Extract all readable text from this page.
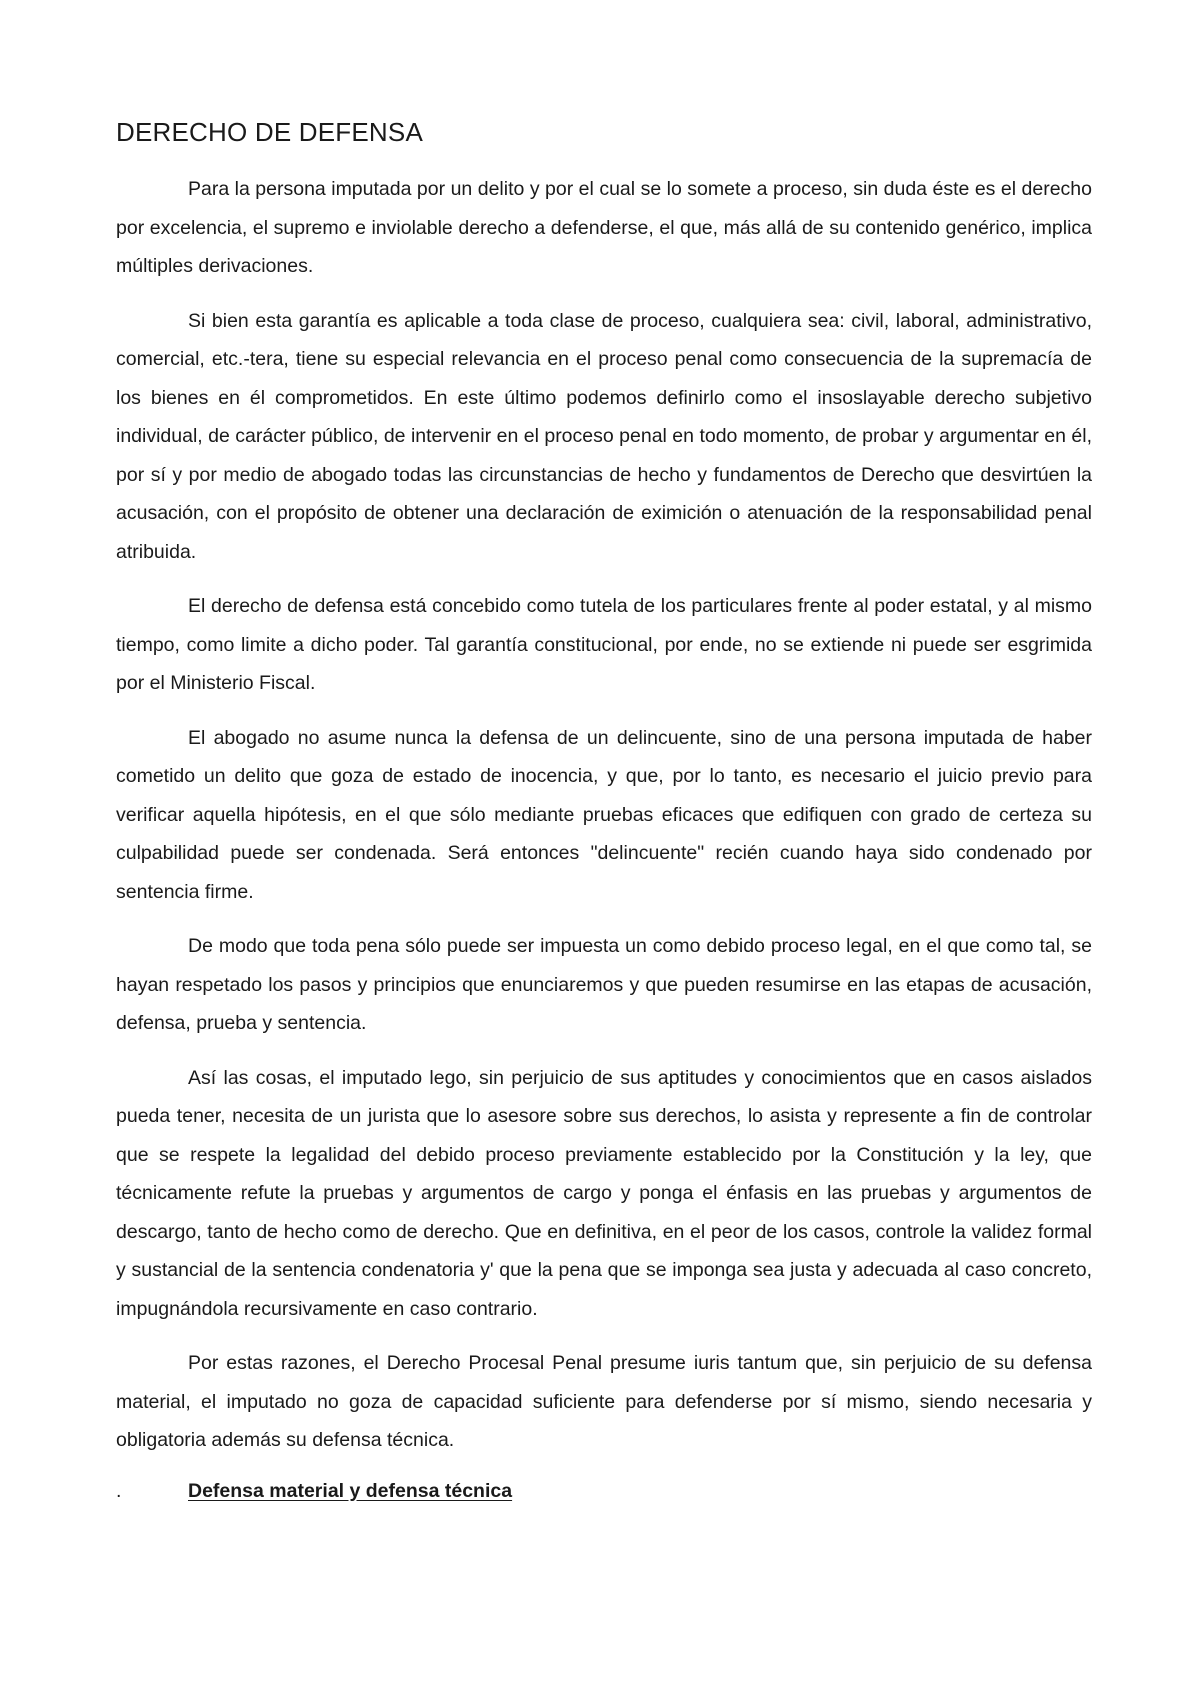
DERECHO DE DEFENSA

Para la persona imputada por un delito y por el cual se lo somete a proceso, sin duda éste es el derecho por excelencia, el supremo e inviolable derecho a defenderse, el que, más allá de su contenido genérico, implica múltiples derivaciones.

Si bien esta garantía es aplicable a toda clase de proceso, cualquiera sea: civil, laboral, administrativo, comercial, etc.-tera, tiene su especial relevancia en el proceso penal como consecuencia de la supremacía de los bienes en él comprometidos. En este último podemos definirlo como el insoslayable derecho subjetivo individual, de carácter público, de intervenir en el proceso penal en todo momento, de probar y argumentar en él, por sí y por medio de abogado todas las circunstancias de hecho y fundamentos de Derecho que desvirtúen la acusación, con el propósito de obtener una declaración de eximición o atenuación de la responsabilidad penal atribuida.

El derecho de defensa está concebido como tutela de los particulares frente al poder estatal, y al mismo tiempo, como limite a dicho poder. Tal garantía constitucional, por ende, no se extiende ni puede ser esgrimida por el Ministerio Fiscal.

El abogado no asume nunca la defensa de un delincuente, sino de una persona imputada de haber cometido un delito que goza de estado de inocencia, y que, por lo tanto, es necesario el juicio previo para verificar aquella hipótesis, en el que sólo mediante pruebas eficaces que edifiquen con grado de certeza su culpabilidad puede ser condenada. Será entonces "delincuente" recién cuando haya sido condenado por sentencia firme.

De modo que toda pena sólo puede ser impuesta un como debido proceso legal, en el que como tal, se hayan respetado los pasos y principios que enunciaremos y que pueden resumirse en las etapas de acusación, defensa, prueba y sentencia.

Así las cosas, el imputado lego, sin perjuicio de sus aptitudes y conocimientos que en casos aislados pueda tener, necesita de un jurista que lo asesore sobre sus derechos, lo asista y represente a fin de controlar que se respete la legalidad del debido proceso previamente establecido por la Constitución y la ley, que técnicamente refute la pruebas y argumentos de cargo y ponga el énfasis en las pruebas y argumentos de descargo, tanto de hecho como de derecho. Que en definitiva, en el peor de los casos, controle la validez formal y sustancial de la sentencia condenatoria y' que la pena que se imponga sea justa y adecuada al caso concreto, impugnándola recursivamente en caso contrario.

Por estas razones, el Derecho Procesal Penal presume iuris tantum que, sin perjuicio de su defensa material, el imputado no goza de capacidad suficiente para defenderse por sí mismo, siendo necesaria y obligatoria además su defensa técnica.

.	Defensa material y defensa técnica
